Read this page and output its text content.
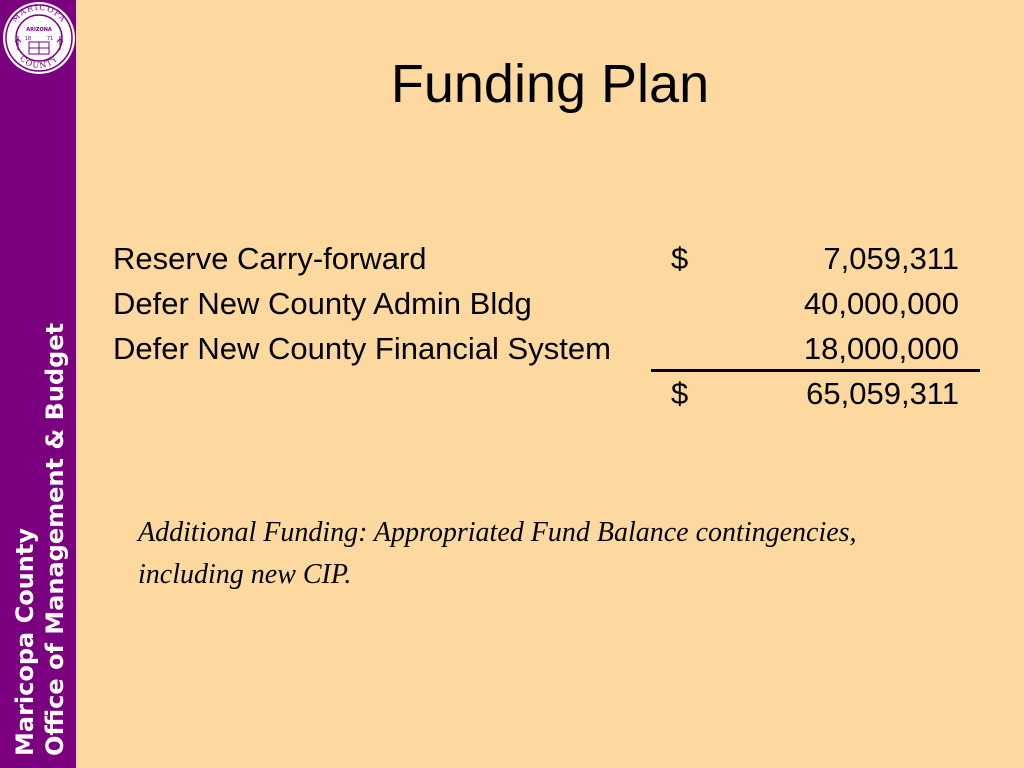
MARICOPA
COUNTY
ARIZONA
18	71
Maricopa County Office of Management & Budget
Funding Plan
Reserve Carry-forward	$	7,059,311
Defer New County Admin Bldg	40,000,000
Defer New County Financial System	18,000,000
$	65,059,311
Additional Funding: Appropriated Fund Balance contingencies, including new CIP.
